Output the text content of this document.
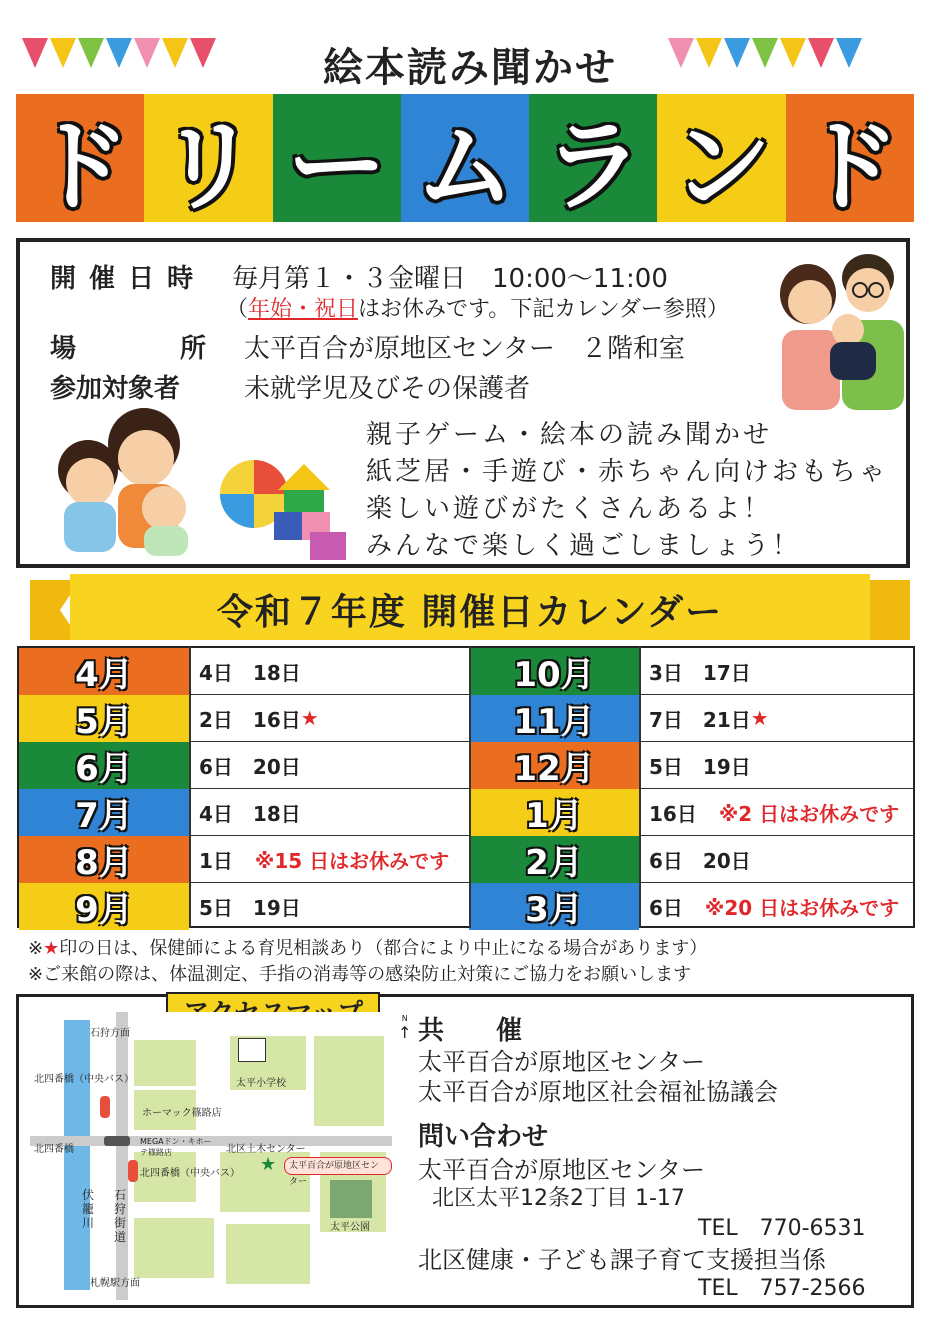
絵本読み聞かせ
ド リ ー ム ラ ン ド
開 催 日 時 毎月第１・３金曜日　10:00～11:00
（年始・祝日はお休みです。下記カレンダー参照）
場	所 太平百合が原地区センター　２階和室
参加対象者 未就学児及びその保護者
親子ゲーム・絵本の読み聞かせ
紙芝居・手遊び・赤ちゃん向けおもちゃ
楽しい遊びがたくさんあるよ！
みんなで楽しく過ごしましょう！
令和７年度 開催日カレンダー
4月	4日　18日
5月	2日　16日 ★
6月	6日　20日
7月	4日　18日
8月	1日 ※15 日はお休みです
9月	5日　19日
10月	3日　17日
11月	7日　21日 ★
12月	5日　19日
1月	16日 ※2 日はお休みです
2月	6日　20日
3月	6日 ※20 日はお休みです
※★印の日は、保健師による育児相談あり（都合により中止になる場合があります）
※ご来館の際は、体温測定、手指の消毒等の感染防止対策にご協力をお願いします
★	太平百合が原地区センター
石狩方面
北四番橋（中央バス）
北四番橋
ホーマック篠路店
MEGAドン・キホーテ篠路店
北四番橋（中央バス）
太平小学校
北区土木センター
太平公園
伏籠川
石狩街道
札幌駅方面
N
↑ 共　　催
太平百合が原地区センター
太平百合が原地区社会福祉協議会
問い合わせ
太平百合が原地区センター
北区太平12条2丁目 1-17
TEL　770-6531
北区健康・子ども課子育て支援担当係
TEL　757-2566
